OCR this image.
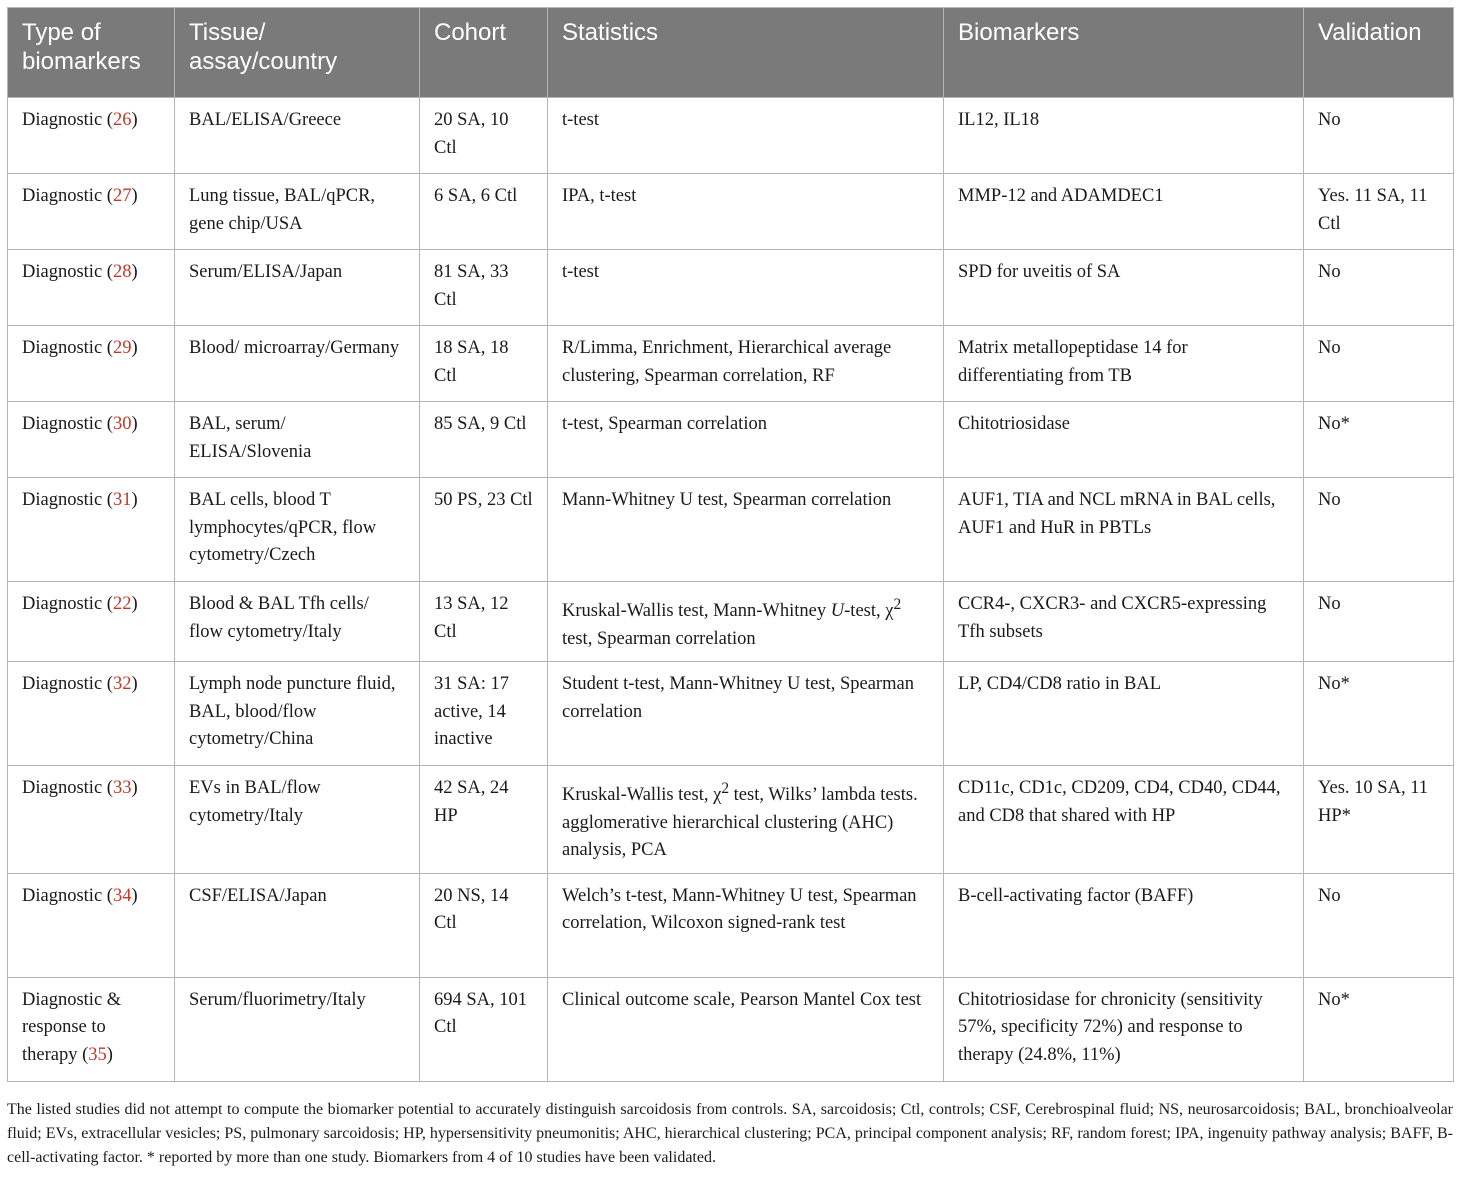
Type of biomarkers	Tissue/ assay/country	Cohort	Statistics	Biomarkers	Validation
Diagnostic (26)	BAL/ELISA/Greece	20 SA, 10 Ctl	t-test	IL12, IL18	No
Diagnostic (27)	Lung tissue, BAL/qPCR, gene chip/USA	6 SA, 6 Ctl	IPA, t-test	MMP-12 and ADAMDEC1	Yes. 11 SA, 11 Ctl
Diagnostic (28)	Serum/ELISA/Japan	81 SA, 33 Ctl	t-test	SPD for uveitis of SA	No
Diagnostic (29)	Blood/ microarray/Germany	18 SA, 18 Ctl	R/Limma, Enrichment, Hierarchical average clustering, Spearman correlation, RF	Matrix metallopeptidase 14 for differentiating from TB	No
Diagnostic (30)	BAL, serum/ ELISA/Slovenia	85 SA, 9 Ctl	t-test, Spearman correlation	Chitotriosidase	No*
Diagnostic (31)	BAL cells, blood T lymphocytes/qPCR, flow cytometry/Czech	50 PS, 23 Ctl	Mann-Whitney U test, Spearman correlation	AUF1, TIA and NCL mRNA in BAL cells, AUF1 and HuR in PBTLs	No
Diagnostic (22)	Blood & BAL Tfh cells/ flow cytometry/Italy	13 SA, 12 Ctl	Kruskal-Wallis test, Mann-Whitney U-test, $\chi^2$ test, Spearman correlation	CCR4-, CXCR3- and CXCR5-expressing Tfh subsets	No
Diagnostic (32)	Lymph node puncture fluid, BAL, blood/flow cytometry/China	31 SA: 17 active, 14 inactive	Student t-test, Mann-Whitney U test, Spearman correlation	LP, CD4/CD8 ratio in BAL	No*
Diagnostic (33)	EVs in BAL/flow cytometry/Italy	42 SA, 24 HP	Kruskal-Wallis test, $\chi^2$ test, Wilks’ lambda tests. agglomerative hierarchical clustering (AHC) analysis, PCA	CD11c, CD1c, CD209, CD4, CD40, CD44, and CD8 that shared with HP	Yes. 10 SA, 11 HP*
Diagnostic (34)	CSF/ELISA/Japan	20 NS, 14 Ctl	Welch’s t-test, Mann-Whitney U test, Spearman correlation, Wilcoxon signed-rank test	B-cell-activating factor (BAFF)	No
Diagnostic & response to therapy (35)	Serum/fluorimetry/Italy	694 SA, 101 Ctl	Clinical outcome scale, Pearson Mantel Cox test	Chitotriosidase for chronicity (sensitivity 57%, specificity 72%) and response to therapy (24.8%, 11%)	No*
The listed studies did not attempt to compute the biomarker potential to accurately distinguish sarcoidosis from controls. SA, sarcoidosis; Ctl, controls; CSF, Cerebrospinal fluid; NS, neurosarcoidosis; BAL, bronchioalveolar fluid; EVs, extracellular vesicles; PS, pulmonary sarcoidosis; HP, hypersensitivity pneumonitis; AHC, hierarchical clustering; PCA, principal component analysis; RF, random forest; IPA, ingenuity pathway analysis; BAFF, B-cell-activating factor. * reported by more than one study. Biomarkers from 4 of 10 studies have been validated.
